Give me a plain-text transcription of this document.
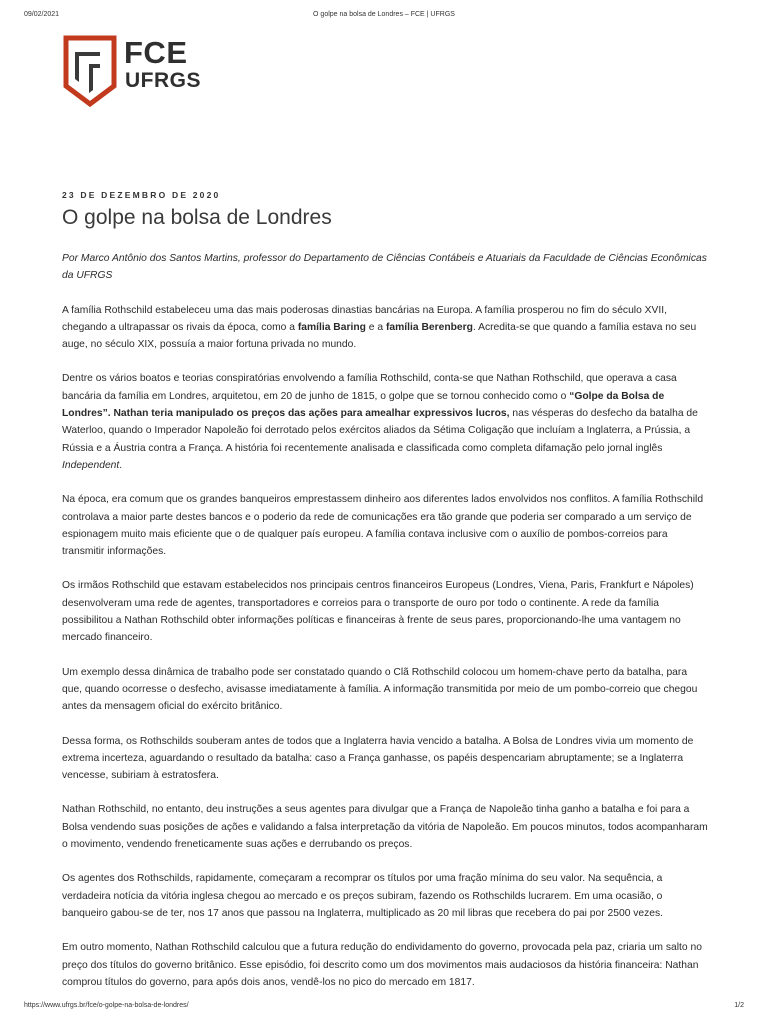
09/02/2021	O golpe na bolsa de Londres – FCE | UFRGS
FCE
UFRGS

23 DE DEZEMBRO DE 2020

O golpe na bolsa de Londres

Por Marco Antônio dos Santos Martins, professor do Departamento de Ciências Contábeis e Atuariais da Faculdade de Ciências Econômicas da UFRGS

A família Rothschild estabeleceu uma das mais poderosas dinastias bancárias na Europa. A família prosperou no fim do século XVII, chegando a ultrapassar os rivais da época, como a família Baring e a família Berenberg. Acredita-se que quando a família estava no seu auge, no século XIX, possuía a maior fortuna privada no mundo.

Dentre os vários boatos e teorias conspiratórias envolvendo a família Rothschild, conta-se que Nathan Rothschild, que operava a casa bancária da família em Londres, arquitetou, em 20 de junho de 1815, o golpe que se tornou conhecido como o “Golpe da Bolsa de Londres”. Nathan teria manipulado os preços das ações para amealhar expressivos lucros, nas vésperas do desfecho da batalha de Waterloo, quando o Imperador Napoleão foi derrotado pelos exércitos aliados da Sétima Coligação que incluíam a Inglaterra, a Prússia, a Rússia e a Áustria contra a França. A história foi recentemente analisada e classificada como completa difamação pelo jornal inglês Independent.

Na época, era comum que os grandes banqueiros emprestassem dinheiro aos diferentes lados envolvidos nos conflitos. A família Rothschild controlava a maior parte destes bancos e o poderio da rede de comunicações era tão grande que poderia ser comparado a um serviço de espionagem muito mais eficiente que o de qualquer país europeu. A família contava inclusive com o auxílio de pombos-correios para transmitir informações.

Os irmãos Rothschild que estavam estabelecidos nos principais centros financeiros Europeus (Londres, Viena, Paris, Frankfurt e Nápoles) desenvolveram uma rede de agentes, transportadores e correios para o transporte de ouro por todo o continente. A rede da família possibilitou a Nathan Rothschild obter informações políticas e financeiras à frente de seus pares, proporcionando-lhe uma vantagem no mercado financeiro.

Um exemplo dessa dinâmica de trabalho pode ser constatado quando o Clã Rothschild colocou um homem-chave perto da batalha, para que, quando ocorresse o desfecho, avisasse imediatamente à família. A informação transmitida por meio de um pombo-correio que chegou antes da mensagem oficial do exército britânico.

Dessa forma, os Rothschilds souberam antes de todos que a Inglaterra havia vencido a batalha. A Bolsa de Londres vivia um momento de extrema incerteza, aguardando o resultado da batalha: caso a França ganhasse, os papéis despencariam abruptamente; se a Inglaterra vencesse, subiriam à estratosfera.

Nathan Rothschild, no entanto, deu instruções a seus agentes para divulgar que a França de Napoleão tinha ganho a batalha e foi para a Bolsa vendendo suas posições de ações e validando a falsa interpretação da vitória de Napoleão. Em poucos minutos, todos acompanharam o movimento, vendendo freneticamente suas ações e derrubando os preços.

Os agentes dos Rothschilds, rapidamente, começaram a recomprar os títulos por uma fração mínima do seu valor. Na sequência, a verdadeira notícia da vitória inglesa chegou ao mercado e os preços subiram, fazendo os Rothschilds lucrarem. Em uma ocasião, o banqueiro gabou-se de ter, nos 17 anos que passou na Inglaterra, multiplicado as 20 mil libras que recebera do pai por 2500 vezes.

Em outro momento, Nathan Rothschild calculou que a futura redução do endividamento do governo, provocada pela paz, criaria um salto no preço dos títulos do governo britânico. Esse episódio, foi descrito como um dos movimentos mais audaciosos da história financeira: Nathan comprou títulos do governo, para após dois anos, vendê-los no pico do mercado em 1817.

https://www.ufrgs.br/fce/o-golpe-na-bolsa-de-londres/	1/2
